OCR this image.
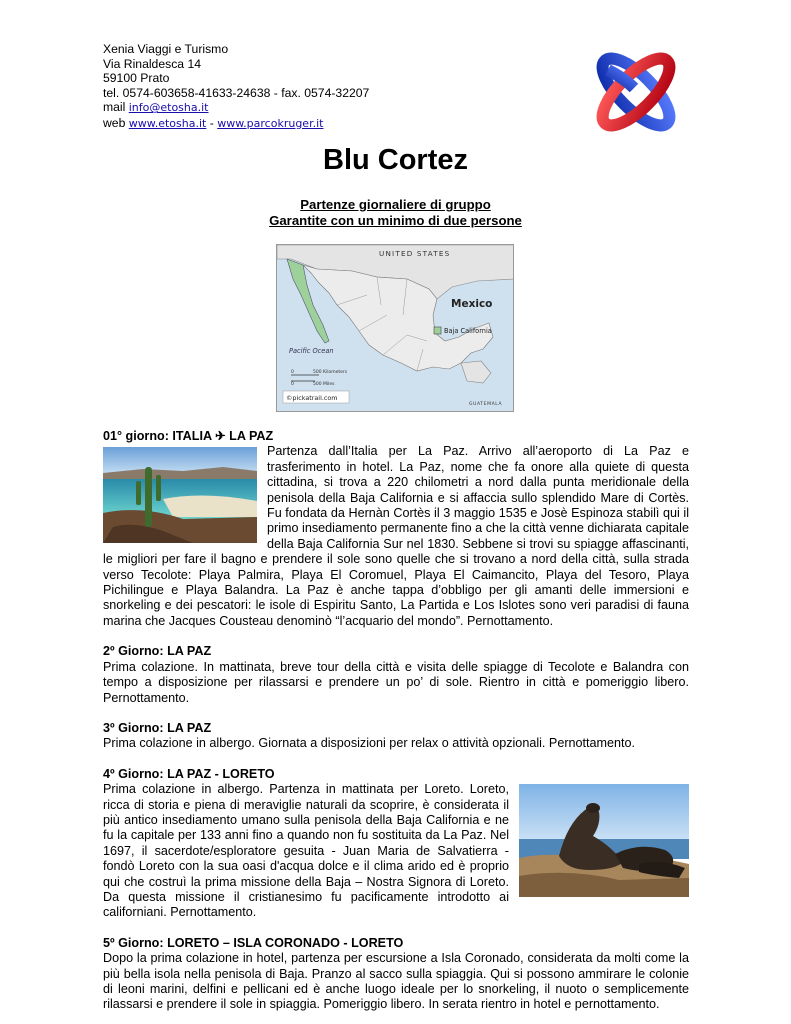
Xenia Viaggi e Turismo
Via Rinaldesca 14
59100 Prato
tel. 0574-603658-41633-24638 - fax. 0574-32207
mail info@etosha.it
web www.etosha.it - www.parcokruger.it
Blu Cortez
Partenze giornaliere di gruppo
Garantite con un minimo di due persone
UNITED STATES
Mexico
Baja California
Pacific Ocean
0	500 Kilometers
0	500 Miles
©pickatrail.com
GUATEMALA
01° giorno: ITALIA ✈ LA PAZ
Partenza dall’Italia per La Paz. Arrivo all’aeroporto di La Paz e trasferimento in hotel. La Paz, nome che fa onore alla quiete di questa cittadina, si trova a 220 chilometri a nord dalla punta meridionale della penisola della Baja California e si affaccia sullo splendido Mare di Cortès. Fu fondata da Hernàn Cortès il 3 maggio 1535 e Josè Espinoza stabilì qui il primo insediamento permanente fino a che la città venne dichiarata capitale della Baja California Sur nel 1830. Sebbene si trovi su spiagge affascinanti, le migliori per fare il bagno e prendere il sole sono quelle che si trovano a nord della città, sulla strada verso Tecolote: Playa Palmira, Playa El Coromuel, Playa El Caimancito, Playa del Tesoro, Playa Pichilingue e Playa Balandra. La Paz è anche tappa d’obbligo per gli amanti delle immersioni e snorkeling e dei pescatori: le isole di Espiritu Santo, La Partida e Los Islotes sono veri paradisi di fauna marina che Jacques Cousteau denominò “l’acquario del mondo”. Pernottamento.
2º Giorno: LA PAZ
Prima colazione. In mattinata, breve tour della città e visita delle spiagge di Tecolote e Balandra con tempo a disposizione per rilassarsi e prendere un po’ di sole. Rientro in città e pomeriggio libero. Pernottamento.
3º Giorno: LA PAZ
Prima colazione in albergo. Giornata a disposizioni per relax o attività opzionali. Pernottamento.
4º Giorno: LA PAZ - LORETO
Prima colazione in albergo. Partenza in mattinata per Loreto. Loreto, ricca di storia e piena di meraviglie naturali da scoprire, è considerata il più antico insediamento umano sulla penisola della Baja California e ne fu la capitale per 133 anni fino a quando non fu sostituita da La Paz. Nel 1697, il sacerdote/esploratore gesuita - Juan Maria de Salvatierra - fondò Loreto con la sua oasi d'acqua dolce e il clima arido ed è proprio qui che costruì la prima missione della Baja – Nostra Signora di Loreto. Da questa missione il cristianesimo fu pacificamente introdotto ai californiani. Pernottamento.
5º Giorno: LORETO – ISLA CORONADO - LORETO
Dopo la prima colazione in hotel, partenza per escursione a Isla Coronado, considerata da molti come la più bella isola nella penisola di Baja. Pranzo al sacco sulla spiaggia. Qui si possono ammirare le colonie di leoni marini, delfini e pellicani ed è anche luogo ideale per lo snorkeling, il nuoto o semplicemente rilassarsi e prendere il sole in spiaggia. Pomeriggio libero. In serata rientro in hotel e pernottamento.
